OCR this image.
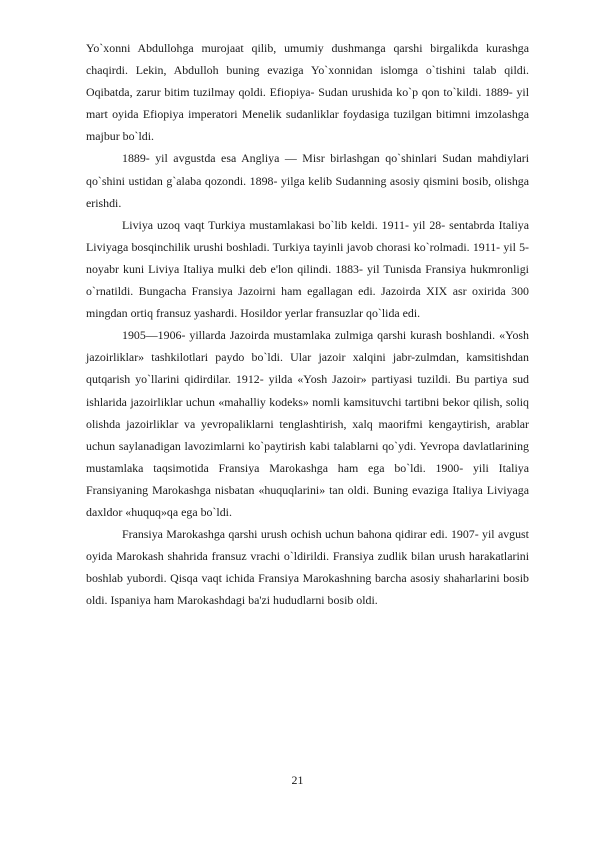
Yo`xonni Abdullohga murojaat qilib, umumiy dushmanga qarshi birgalikda kurashga chaqirdi. Lekin, Abdulloh buning evaziga Yo`xonnidan islomga o`tishini talab qildi. Oqibatda, zarur bitim tuzilmay qoldi. Efiopiya- Sudan urushida ko`p qon to`kildi. 1889- yil mart oyida Efiopiya imperatori Menelik sudanliklar foydasiga tuzilgan bitimni imzolashga majbur bo`ldi.

1889- yil avgustda esa Angliya — Misr birlashgan qo`shinlari Sudan mahdiylari qo`shini ustidan g`alaba qozondi. 1898- yilga kelib Sudanning asosiy qismini bosib, olishga erishdi.

Liviya uzoq vaqt Turkiya mustamlakasi bo`lib keldi. 1911- yil 28- sentabrda Italiya Liviyaga bosqinchilik urushi boshladi. Turkiya tayinli javob chorasi ko`rolmadi. 1911- yil 5- noyabr kuni Liviya Italiya mulki deb e'lon qilindi. 1883- yil Tunisda Fransiya hukmronligi o`rnatildi. Bungacha Fransiya Jazoirni ham egallagan edi. Jazoirda XIX asr oxirida 300 mingdan ortiq fransuz yashardi. Hosildor yerlar fransuzlar qo`lida edi.

1905—1906- yillarda Jazoirda mustamlaka zulmiga qarshi kurash boshlandi. «Yosh jazoirliklar» tashkilotlari paydo bo`ldi. Ular jazoir xalqini jabr-zulmdan, kamsitishdan qutqarish yo`llarini qidirdilar. 1912- yilda «Yosh Jazoir» partiyasi tuzildi. Bu partiya sud ishlarida jazoirliklar uchun «mahalliy kodeks» nomli kamsituvchi tartibni bekor qilish, soliq olishda jazoirliklar va yevropaliklarni tenglashtirish, xalq maorifmi kengaytirish, arablar uchun saylanadigan lavozimlarni ko`paytirish kabi talablarni qo`ydi. Yevropa davlatlarining mustamlaka taqsimotida Fransiya Marokashga ham ega bo`ldi. 1900- yili Italiya Fransiyaning Marokashga nisbatan «huquqlarini» tan oldi. Buning evaziga Italiya Liviyaga daxldor «huquq»qa ega bo`ldi.

Fransiya Marokashga qarshi urush ochish uchun bahona qidirar edi. 1907- yil avgust oyida Marokash shahrida fransuz vrachi o`ldirildi. Fransiya zudlik bilan urush harakatlarini boshlab yubordi. Qisqa vaqt ichida Fransiya Marokashning barcha asosiy shaharlarini bosib oldi. Ispaniya ham Marokashdagi ba'zi hududlarni bosib oldi.

21
